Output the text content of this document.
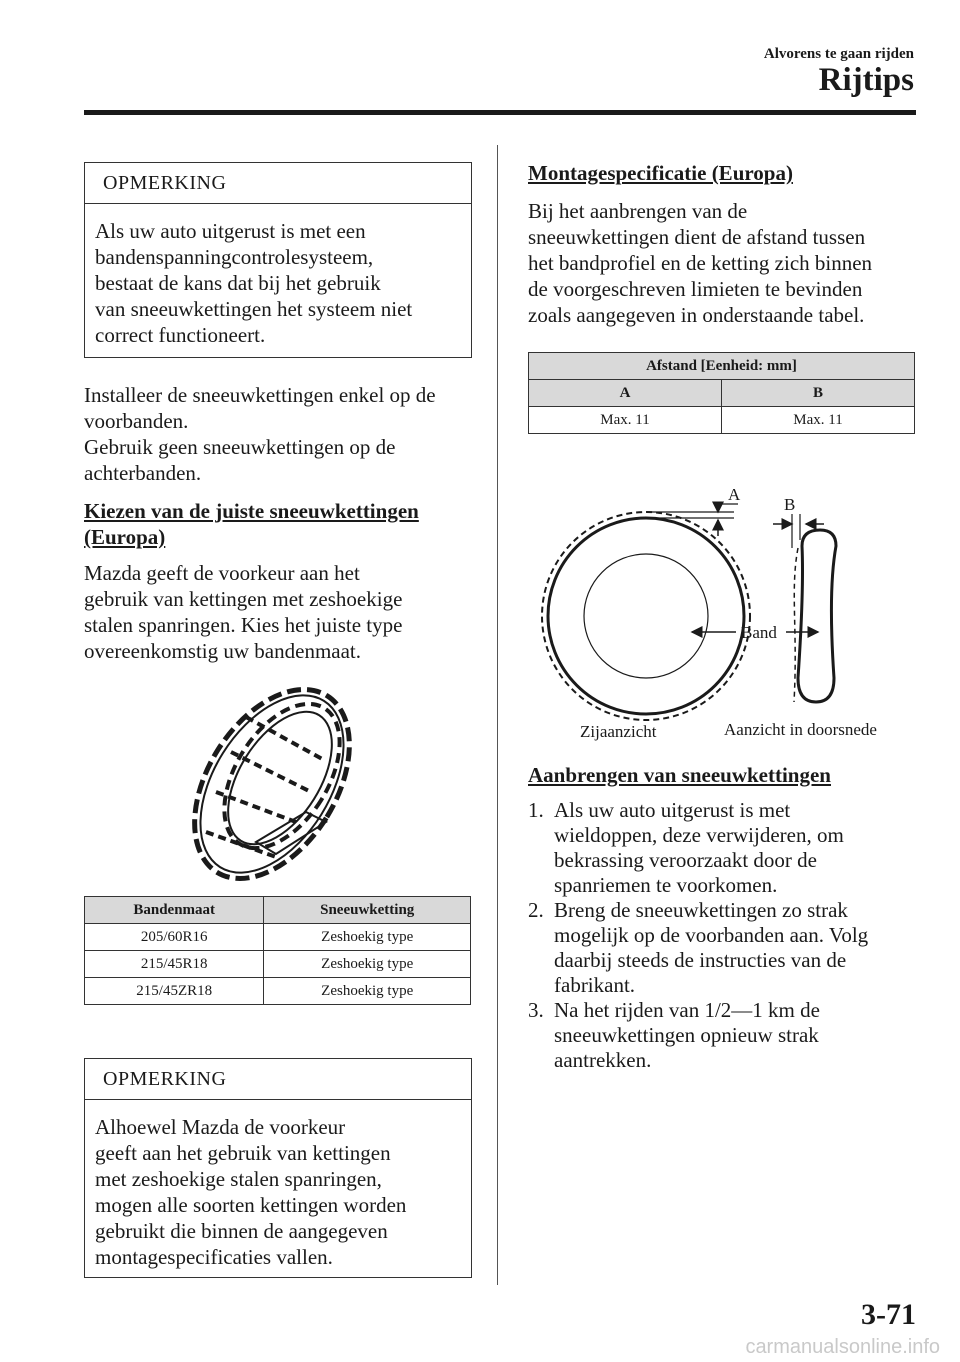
Alvorens te gaan rijden
Rijtips
OPMERKING
Als uw auto uitgerust is met een
bandenspanningcontrolesysteem,
bestaat de kans dat bij het gebruik
van sneeuwkettingen het systeem niet
correct functioneert.
Installeer de sneeuwkettingen enkel op de
voorbanden.
Gebruik geen sneeuwkettingen op de
achterbanden.
Kiezen van de juiste sneeuwkettingen
(Europa)
Mazda geeft de voorkeur aan het
gebruik van kettingen met zeshoekige
stalen spanringen. Kies het juiste type
overeenkomstig uw bandenmaat.
Bandenmaat	Sneeuwketting
205/60R16	Zeshoekig type
215/45R18	Zeshoekig type
215/45ZR18	Zeshoekig type
OPMERKING
Alhoewel Mazda de voorkeur
geeft aan het gebruik van kettingen
met zeshoekige stalen spanringen,
mogen alle soorten kettingen worden
gebruikt die binnen de aangegeven
montagespecificaties vallen.
Montagespecificatie (Europa)
Bij het aanbrengen van de
sneeuwkettingen dient de afstand tussen
het bandprofiel en de ketting zich binnen
de voorgeschreven limieten te bevinden
zoals aangegeven in onderstaande tabel.
Afstand [Eenheid: mm]	
A	B
Max. 11	Max. 11
A
B
Band
Zijaanzicht	Aanzicht in doorsnede
Aanbrengen van sneeuwkettingen
1. Als uw auto uitgerust is met
wieldoppen, deze verwijderen, om
bekrassing veroorzaakt door de
spanriemen te voorkomen.
2. Breng de sneeuwkettingen zo strak
mogelijk op de voorbanden aan. Volg
daarbij steeds de instructies van de
fabrikant.
3. Na het rijden van 1/2—1 km de
sneeuwkettingen opnieuw strak
aantrekken.
3-71
carmanualsonline.info
